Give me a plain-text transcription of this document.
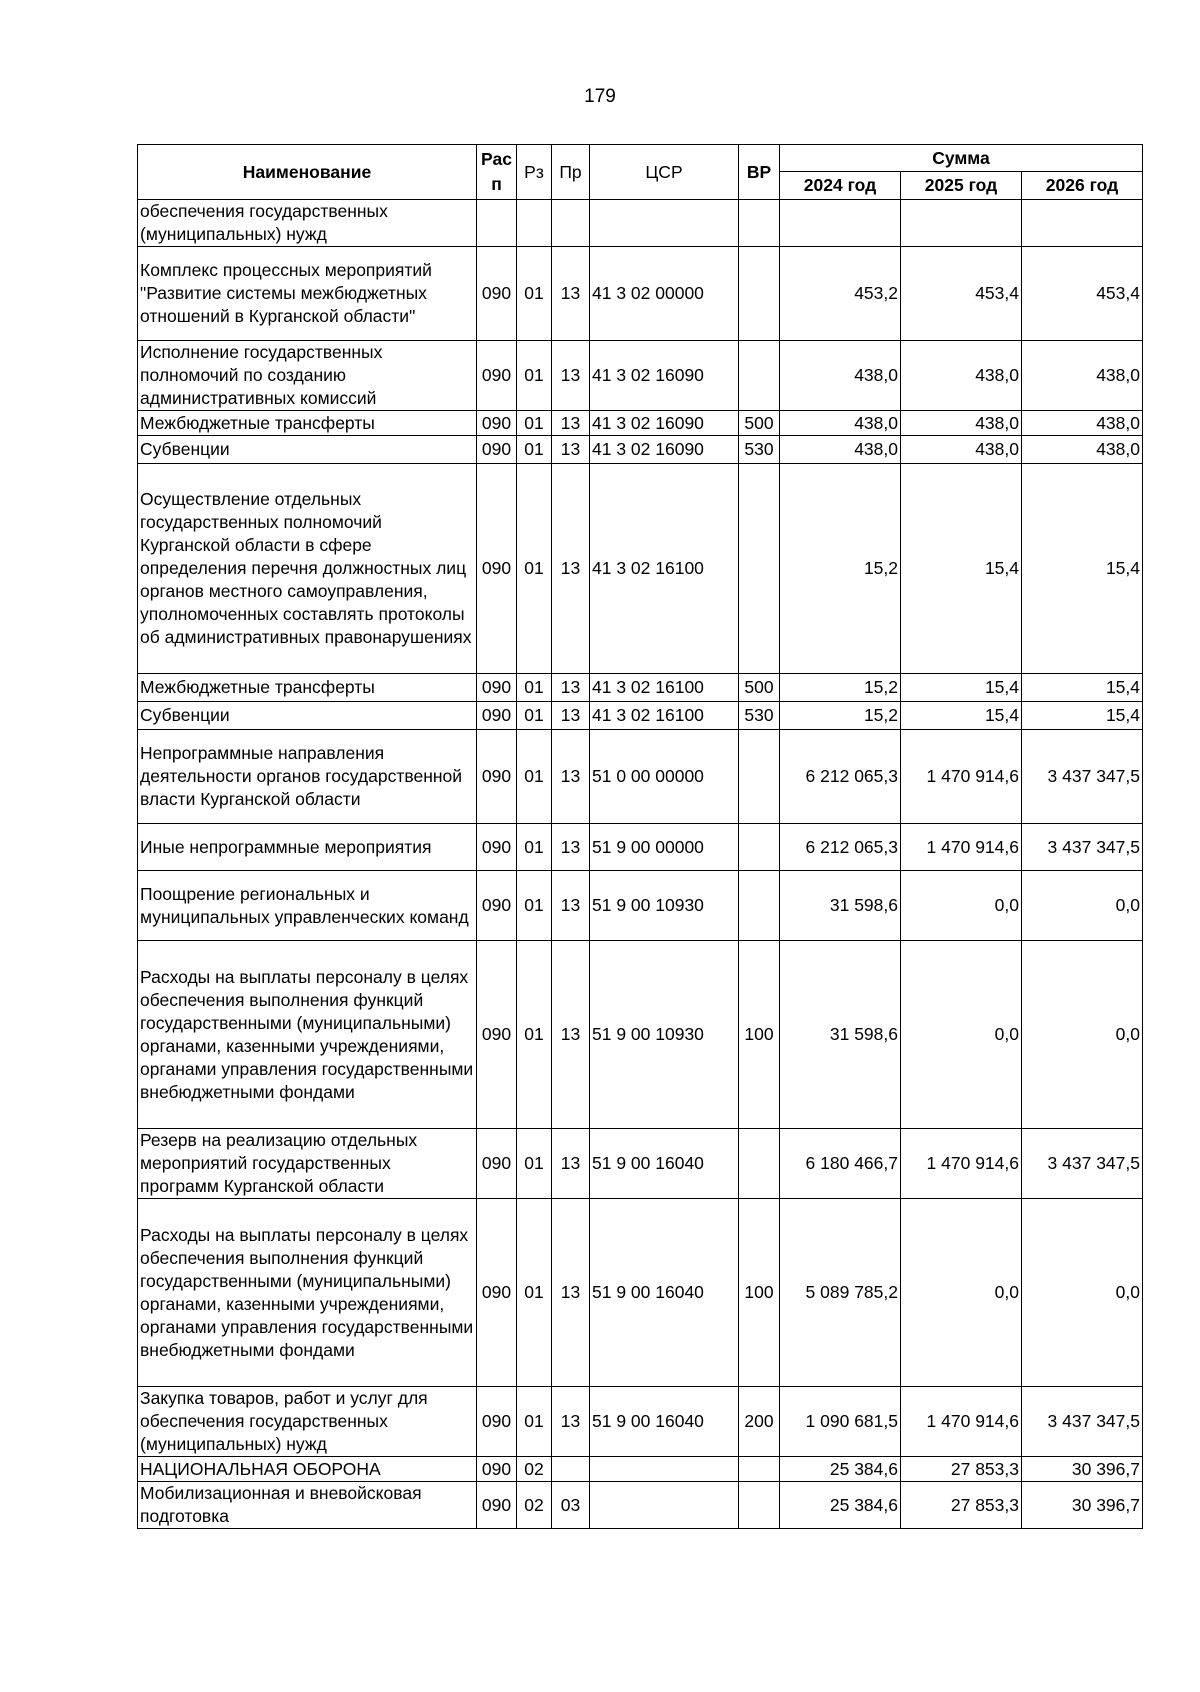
179
Наименование	Рас п	Рз	Пр	ЦСР	ВР	Сумма		
						2024 год	2025 год	2026 год
обеспечения государственных (муниципальных) нужд								
Комплекс процессных мероприятий "Развитие системы межбюджетных отношений в Курганской области"	090	01	13	41 3 02 00000		453,2	453,4	453,4
Исполнение государственных полномочий по созданию административных комиссий	090	01	13	41 3 02 16090		438,0	438,0	438,0
Межбюджетные трансферты	090	01	13	41 3 02 16090	500	438,0	438,0	438,0
Субвенции	090	01	13	41 3 02 16090	530	438,0	438,0	438,0
Осуществление отдельных государственных полномочий Курганской области в сфере определения перечня должностных лиц органов местного самоуправления, уполномоченных составлять протоколы об административных правонарушениях	090	01	13	41 3 02 16100		15,2	15,4	15,4
Межбюджетные трансферты	090	01	13	41 3 02 16100	500	15,2	15,4	15,4
Субвенции	090	01	13	41 3 02 16100	530	15,2	15,4	15,4
Непрограммные направления деятельности органов государственной власти Курганской области	090	01	13	51 0 00 00000		6 212 065,3	1 470 914,6	3 437 347,5
Иные непрограммные мероприятия	090	01	13	51 9 00 00000		6 212 065,3	1 470 914,6	3 437 347,5
Поощрение региональных и муниципальных управленческих команд	090	01	13	51 9 00 10930		31 598,6	0,0	0,0
Расходы на выплаты персоналу в целях обеспечения выполнения функций государственными (муниципальными) органами, казенными учреждениями, органами управления государственными внебюджетными фондами	090	01	13	51 9 00 10930	100	31 598,6	0,0	0,0
Резерв на реализацию отдельных мероприятий государственных программ Курганской области	090	01	13	51 9 00 16040		6 180 466,7	1 470 914,6	3 437 347,5
Расходы на выплаты персоналу в целях обеспечения выполнения функций государственными (муниципальными) органами, казенными учреждениями, органами управления государственными внебюджетными фондами	090	01	13	51 9 00 16040	100	5 089 785,2	0,0	0,0
Закупка товаров, работ и услуг для обеспечения государственных (муниципальных) нужд	090	01	13	51 9 00 16040	200	1 090 681,5	1 470 914,6	3 437 347,5
НАЦИОНАЛЬНАЯ ОБОРОНА	090	02				25 384,6	27 853,3	30 396,7
Мобилизационная и вневойсковая подготовка	090	02	03			25 384,6	27 853,3	30 396,7
